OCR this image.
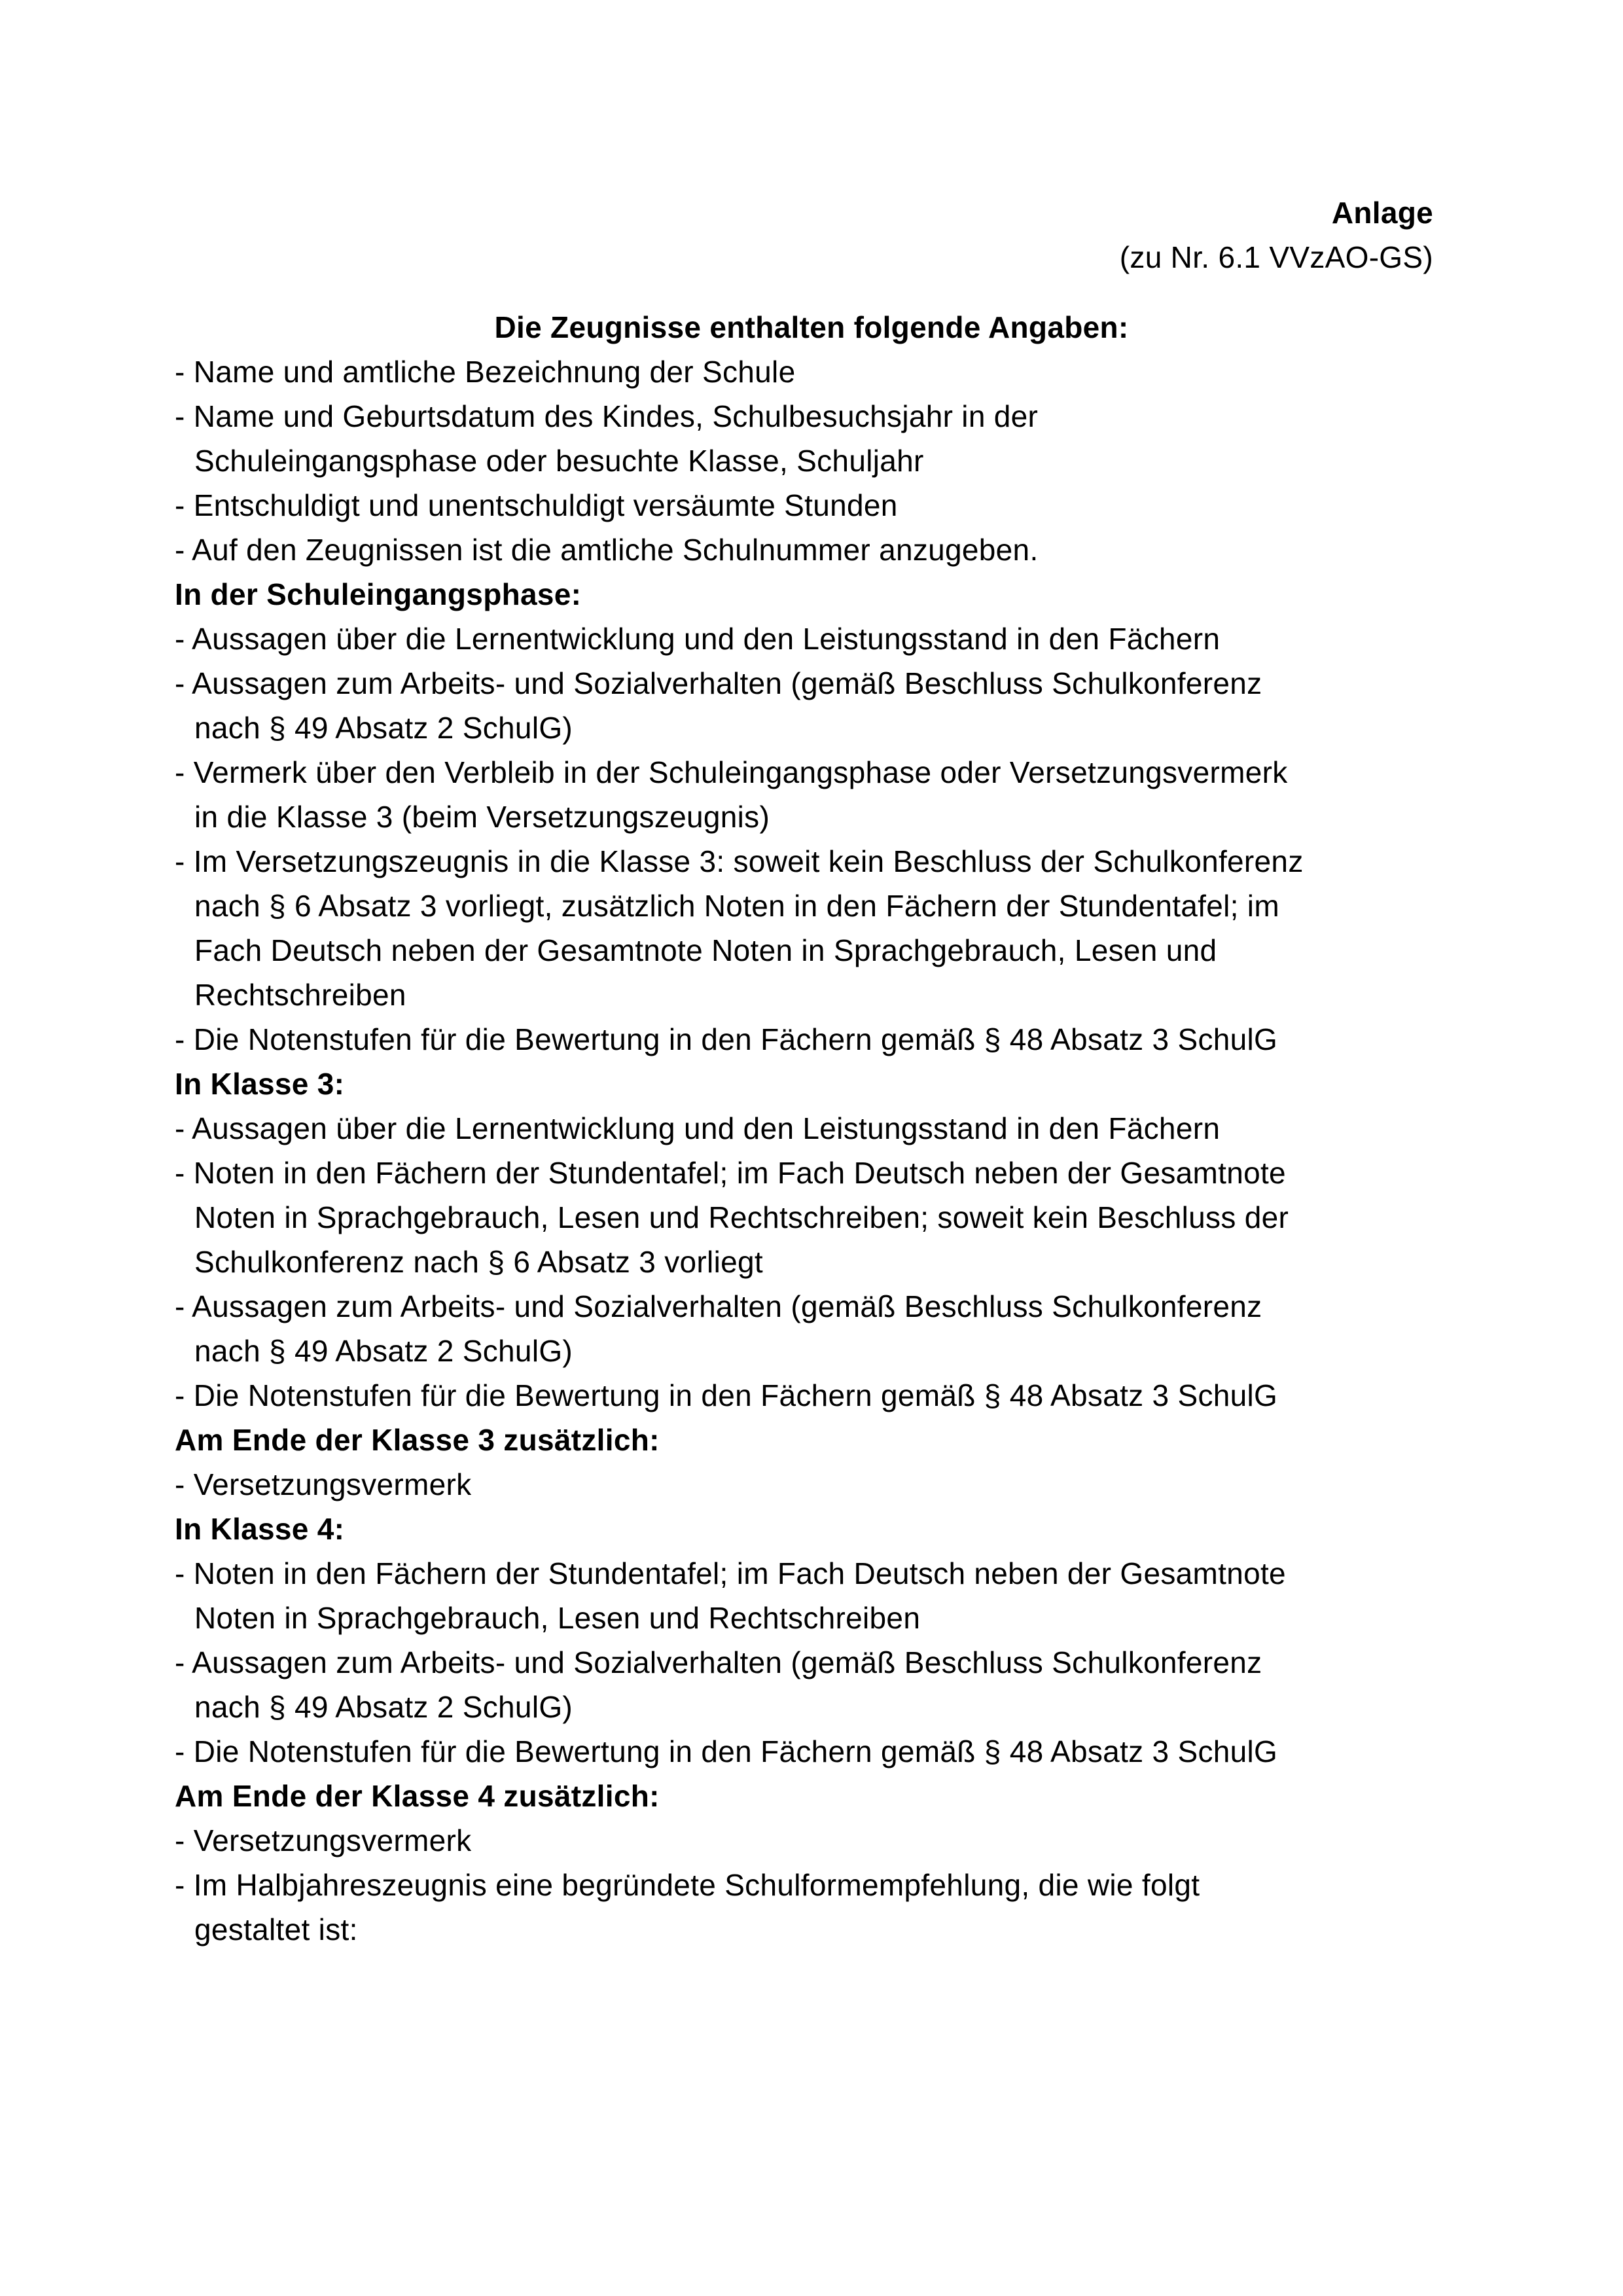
Anlage
(zu Nr. 6.1 VVzAO-GS)
Die Zeugnisse enthalten folgende Angaben:
- Name und amtliche Bezeichnung der Schule
- Name und Geburtsdatum des Kindes, Schulbesuchsjahr in der
Schuleingangsphase oder besuchte Klasse, Schuljahr
- Entschuldigt und unentschuldigt versäumte Stunden
- Auf den Zeugnissen ist die amtliche Schulnummer anzugeben.
In der Schuleingangsphase:
- Aussagen über die Lernentwicklung und den Leistungsstand in den Fächern
- Aussagen zum Arbeits- und Sozialverhalten (gemäß Beschluss Schulkonferenz
nach § 49 Absatz 2 SchulG)
- Vermerk über den Verbleib in der Schuleingangsphase oder Versetzungsvermerk
in die Klasse 3 (beim Versetzungszeugnis)
- Im Versetzungszeugnis in die Klasse 3: soweit kein Beschluss der Schulkonferenz
nach § 6 Absatz 3 vorliegt, zusätzlich Noten in den Fächern der Stundentafel; im
Fach Deutsch neben der Gesamtnote Noten in Sprachgebrauch, Lesen und
Rechtschreiben
- Die Notenstufen für die Bewertung in den Fächern gemäß § 48 Absatz 3 SchulG
In Klasse 3:
- Aussagen über die Lernentwicklung und den Leistungsstand in den Fächern
- Noten in den Fächern der Stundentafel; im Fach Deutsch neben der Gesamtnote
Noten in Sprachgebrauch, Lesen und Rechtschreiben; soweit kein Beschluss der
Schulkonferenz nach § 6 Absatz 3 vorliegt
- Aussagen zum Arbeits- und Sozialverhalten (gemäß Beschluss Schulkonferenz
nach § 49 Absatz 2 SchulG)
- Die Notenstufen für die Bewertung in den Fächern gemäß § 48 Absatz 3 SchulG
Am Ende der Klasse 3 zusätzlich:
- Versetzungsvermerk
In Klasse 4:
- Noten in den Fächern der Stundentafel; im Fach Deutsch neben der Gesamtnote
Noten in Sprachgebrauch, Lesen und Rechtschreiben
- Aussagen zum Arbeits- und Sozialverhalten (gemäß Beschluss Schulkonferenz
nach § 49 Absatz 2 SchulG)
- Die Notenstufen für die Bewertung in den Fächern gemäß § 48 Absatz 3 SchulG
Am Ende der Klasse 4 zusätzlich:
- Versetzungsvermerk
- Im Halbjahreszeugnis eine begründete Schulformempfehlung, die wie folgt
gestaltet ist:
